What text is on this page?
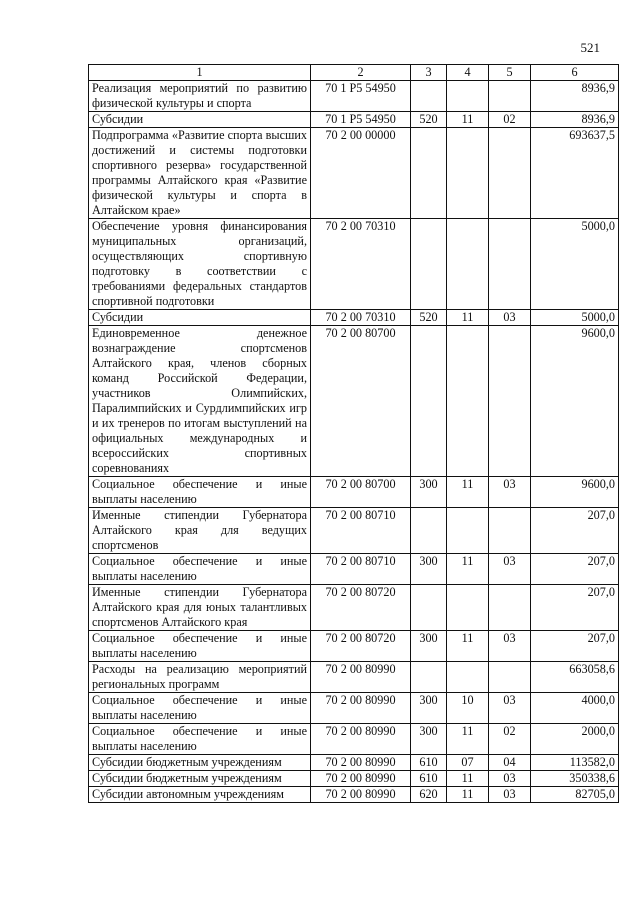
521
1	2	3	4	5	6
Реализация мероприятий по развитию физической культуры и спорта	70 1 P5 54950				8936,9
Субсидии	70 1 P5 54950	520	11	02	8936,9
Подпрограмма «Развитие спорта высших достижений и системы подготовки спортивного резерва» государственной программы Алтайского края «Развитие физической культуры и спорта в Алтайском крае»	70 2 00 00000				693637,5
Обеспечение уровня финансирования муниципальных организаций, осуществляющих спортивную подготовку в соответствии с требованиями федеральных стандартов спортивной подготовки	70 2 00 70310				5000,0
Субсидии	70 2 00 70310	520	11	03	5000,0
Единовременное денежное вознаграждение спортсменов Алтайского края, членов сборных команд Российской Федерации, участников Олимпийских, Паралимпийских и Сурдлимпийских игр и их тренеров по итогам выступлений на официальных международных и всероссийских спортивных соревнованиях	70 2 00 80700				9600,0
Социальное обеспечение и иные выплаты населению	70 2 00 80700	300	11	03	9600,0
Именные стипендии Губернатора Алтайского края для ведущих спортсменов	70 2 00 80710				207,0
Социальное обеспечение и иные выплаты населению	70 2 00 80710	300	11	03	207,0
Именные стипендии Губернатора Алтайского края для юных талантливых спортсменов Алтайского края	70 2 00 80720				207,0
Социальное обеспечение и иные выплаты населению	70 2 00 80720	300	11	03	207,0
Расходы на реализацию мероприятий региональных программ	70 2 00 80990				663058,6
Социальное обеспечение и иные выплаты населению	70 2 00 80990	300	10	03	4000,0
Социальное обеспечение и иные выплаты населению	70 2 00 80990	300	11	02	2000,0
Субсидии бюджетным учреждениям	70 2 00 80990	610	07	04	113582,0
Субсидии бюджетным учреждениям	70 2 00 80990	610	11	03	350338,6
Субсидии автономным учреждениям	70 2 00 80990	620	11	03	82705,0
